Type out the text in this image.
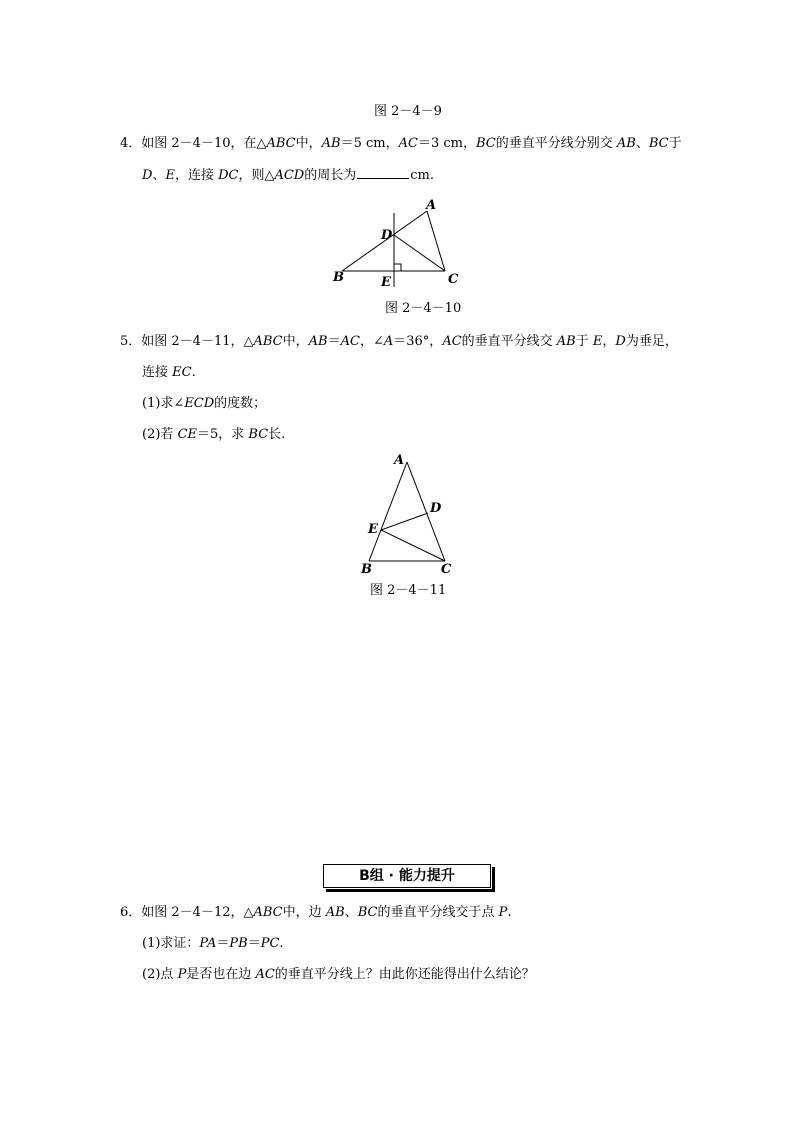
图 2－4－9
4．如图 2－4－10，在△ABC中，AB＝5 cm，AC＝3 cm，BC的垂直平分线分别交 AB、BC于
D、E，连接 DC，则△ACD的周长为	cm.
A
D
B	E	C
图 2－4－10
5．如图 2－4－11，△ABC中，AB＝AC，∠A＝36°，AC的垂直平分线交 AB于 E，D为垂足，
连接 EC.
(1)求∠ECD的度数；
(2)若 CE＝5，求 BC长.
A
D
E
B	C
图 2－4－11
B组 · 能力提升
6．如图 2－4－12，△ABC中，边 AB、BC的垂直平分线交于点 P.
(1)求证：PA＝PB＝PC.
(2)点 P是否也在边 AC的垂直平分线上？由此你还能得出什么结论？
